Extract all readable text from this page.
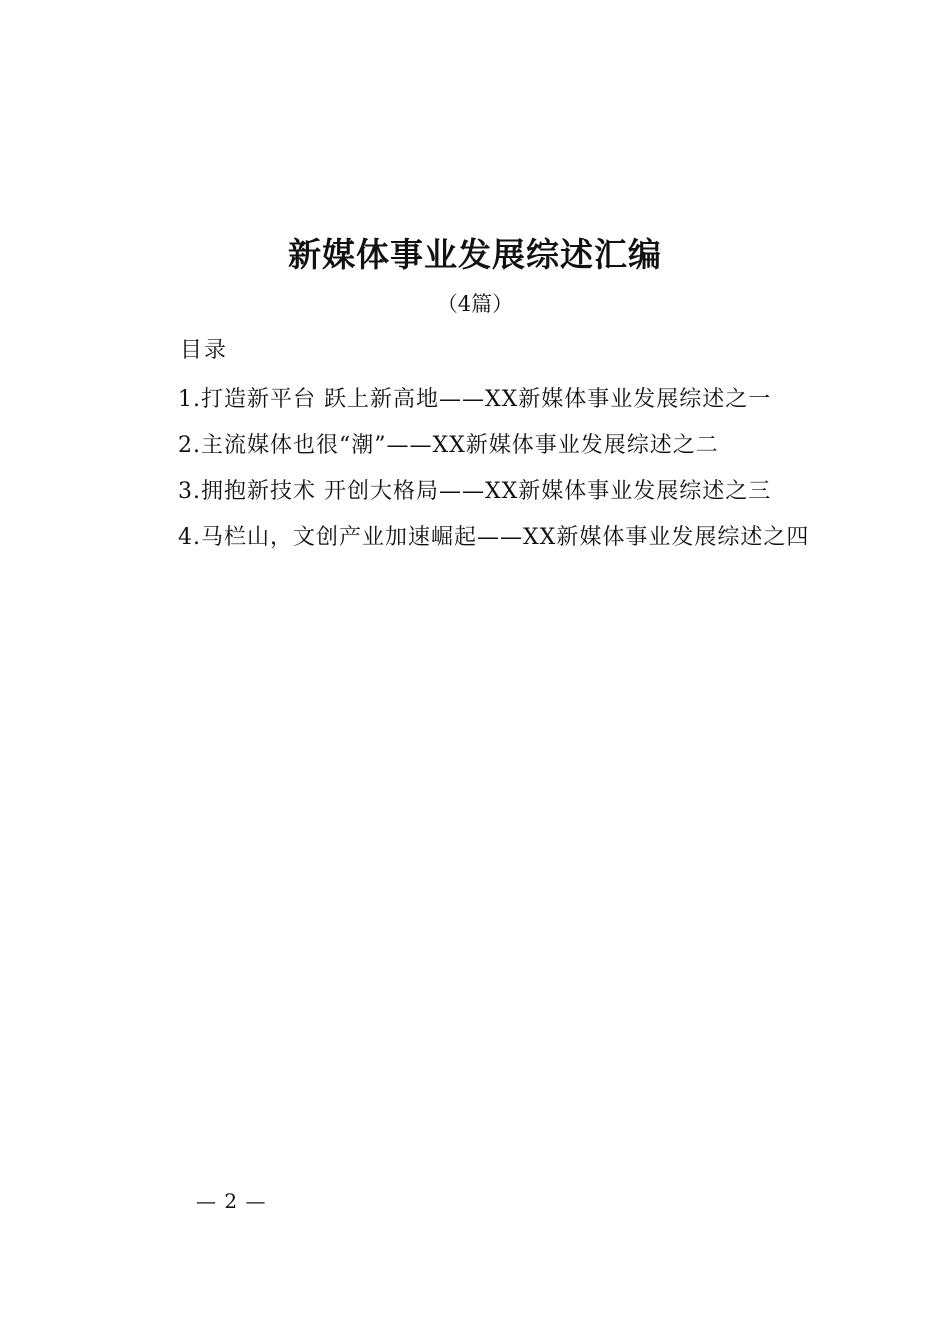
新媒体事业发展综述汇编
（4篇）
目录
1.打造新平台 跃上新高地——XX新媒体事业发展综述之一
2.主流媒体也很“潮”——XX新媒体事业发展综述之二
3.拥抱新技术 开创大格局——XX新媒体事业发展综述之三
4.马栏山，文创产业加速崛起——XX新媒体事业发展综述之四
— 2 —
